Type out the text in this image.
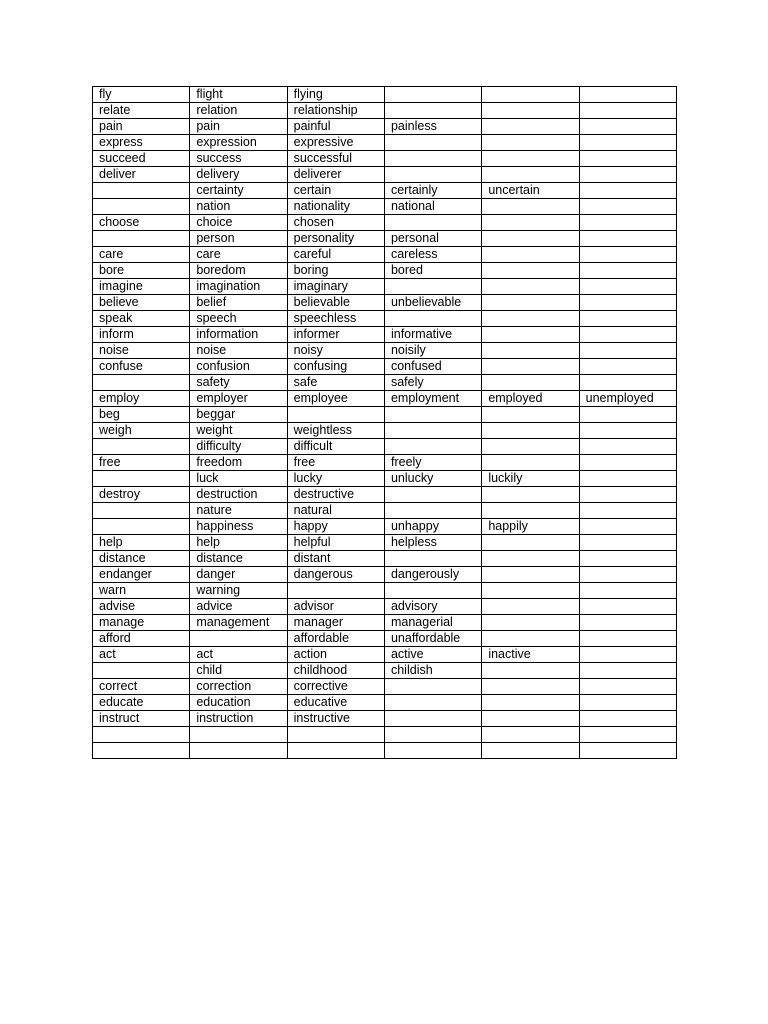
fly	flight	flying			
relate	relation	relationship			
pain	pain	painful	painless		
express	expression	expressive			
succeed	success	successful			
deliver	delivery	deliverer			
	certainty	certain	certainly	uncertain	
	nation	nationality	national		
choose	choice	chosen			
	person	personality	personal		
care	care	careful	careless		
bore	boredom	boring	bored		
imagine	imagination	imaginary			
believe	belief	believable	unbelievable		
speak	speech	speechless			
inform	information	informer	informative		
noise	noise	noisy	noisily		
confuse	confusion	confusing	confused		
	safety	safe	safely		
employ	employer	employee	employment	employed	unemployed
beg	beggar				
weigh	weight	weightless			
	difficulty	difficult			
free	freedom	free	freely		
	luck	lucky	unlucky	luckily	
destroy	destruction	destructive			
	nature	natural			
	happiness	happy	unhappy	happily	
help	help	helpful	helpless		
distance	distance	distant			
endanger	danger	dangerous	dangerously		
warn	warning				
advise	advice	advisor	advisory		
manage	management	manager	managerial		
afford		affordable	unaffordable		
act	act	action	active	inactive	
	child	childhood	childish		
correct	correction	corrective			
educate	education	educative			
instruct	instruction	instructive			
